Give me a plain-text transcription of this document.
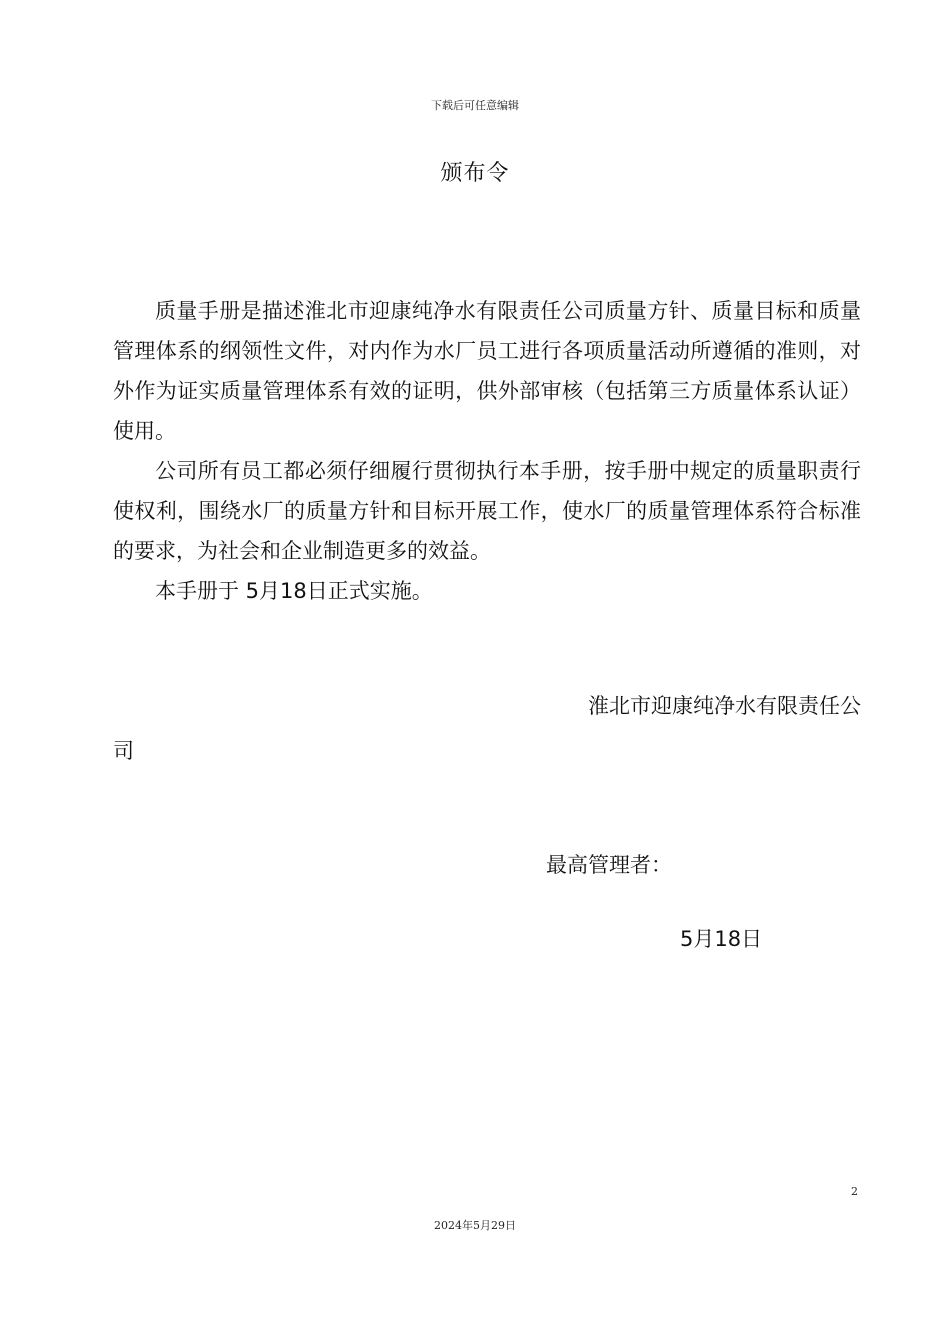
下载后可任意编辑
颁布令

质量手册是描述淮北市迎康纯净水有限责任公司质量方针、质量目标和质量管理体系的纲领性文件，对内作为水厂员工进行各项质量活动所遵循的准则，对外作为证实质量管理体系有效的证明，供外部审核（包括第三方质量体系认证）使用。

公司所有员工都必须仔细履行贯彻执行本手册，按手册中规定的质量职责行使权利，围绕水厂的质量方针和目标开展工作，使水厂的质量管理体系符合标准的要求，为社会和企业制造更多的效益。

本手册于 5月18日正式实施。

淮北市迎康纯净水有限责任公
司
最高管理者：
5月18日
2
2024年5月29日
